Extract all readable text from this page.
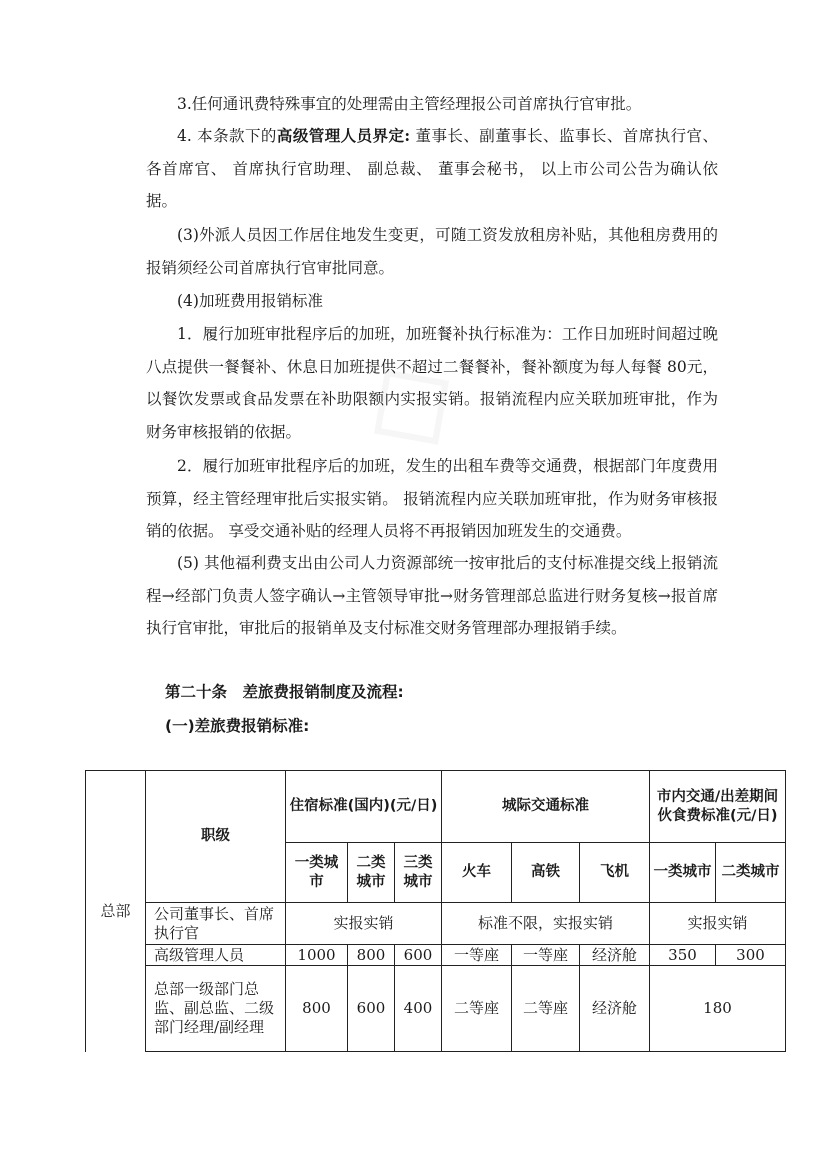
3.任何通讯费特殊事宜的处理需由主管经理报公司首席执行官审批。

4. 本条款下的高级管理人员界定: 董事长、副董事长、监事长、首席执行官、各首席官、 首席执行官助理、 副总裁、 董事会秘书， 以上市公司公告为确认依据。

(3)外派人员因工作居住地发生变更，可随工资发放租房补贴，其他租房费用的报销须经公司首席执行官审批同意。

(4)加班费用报销标准

1．履行加班审批程序后的加班，加班餐补执行标准为：工作日加班时间超过晚八点提供一餐餐补、休息日加班提供不超过二餐餐补，餐补额度为每人每餐 80元，以餐饮发票或食品发票在补助限额内实报实销。报销流程内应关联加班审批，作为财务审核报销的依据。

2．履行加班审批程序后的加班，发生的出租车费等交通费，根据部门年度费用预算，经主管经理审批后实报实销。 报销流程内应关联加班审批，作为财务审核报销的依据。 享受交通补贴的经理人员将不再报销因加班发生的交通费。

(5) 其他福利费支出由公司人力资源部统一按审批后的支付标准提交线上报销流程→经部门负责人签字确认→主管领导审批→财务管理部总监进行财务复核→报首席执行官审批，审批后的报销单及支付标准交财务管理部办理报销手续。

第二十条　差旅费报销制度及流程:

(一)差旅费报销标准:

总部	职级	住宿标准(国内)(元/日)			城际交通标准			市内交通/出差期间伙食费标准(元/日)	
		一类城市	二类城市	三类城市	火车	高铁	飞机	一类城市	二类城市
	公司董事长、首席执行官	实报实销			标准不限，实报实销			实报实销	
	高级管理人员	1000	800	600	一等座	一等座	经济舱	350	300
	总部一级部门总监、副总监、二级部门经理/副经理	800	600	400	二等座	二等座	经济舱	180	
